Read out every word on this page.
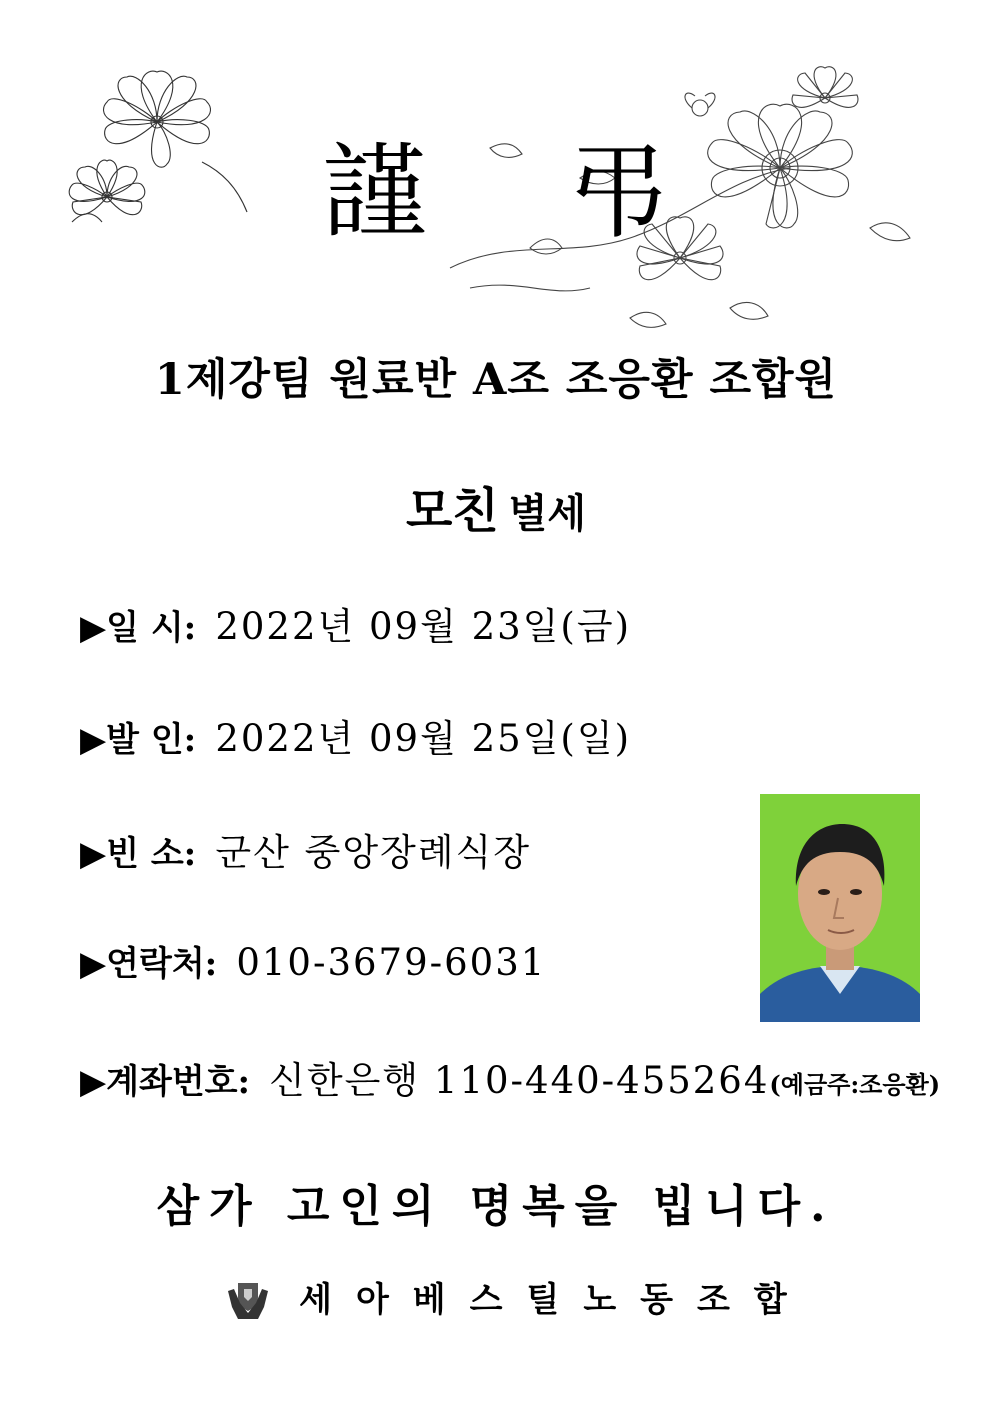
謹 弔
1제강팀 원료반 A조 조응환 조합원
모친 별세
▶일 시: 2022년 09월 23일(금)
▶발 인: 2022년 09월 25일(일)
▶빈 소: 군산 중앙장례식장
▶연락처: 010-3679-6031
▶계좌번호: 신한은행 110-440-455264(예금주:조응환)
삼가 고인의 명복을 빕니다.
세아베스틸노동조합
